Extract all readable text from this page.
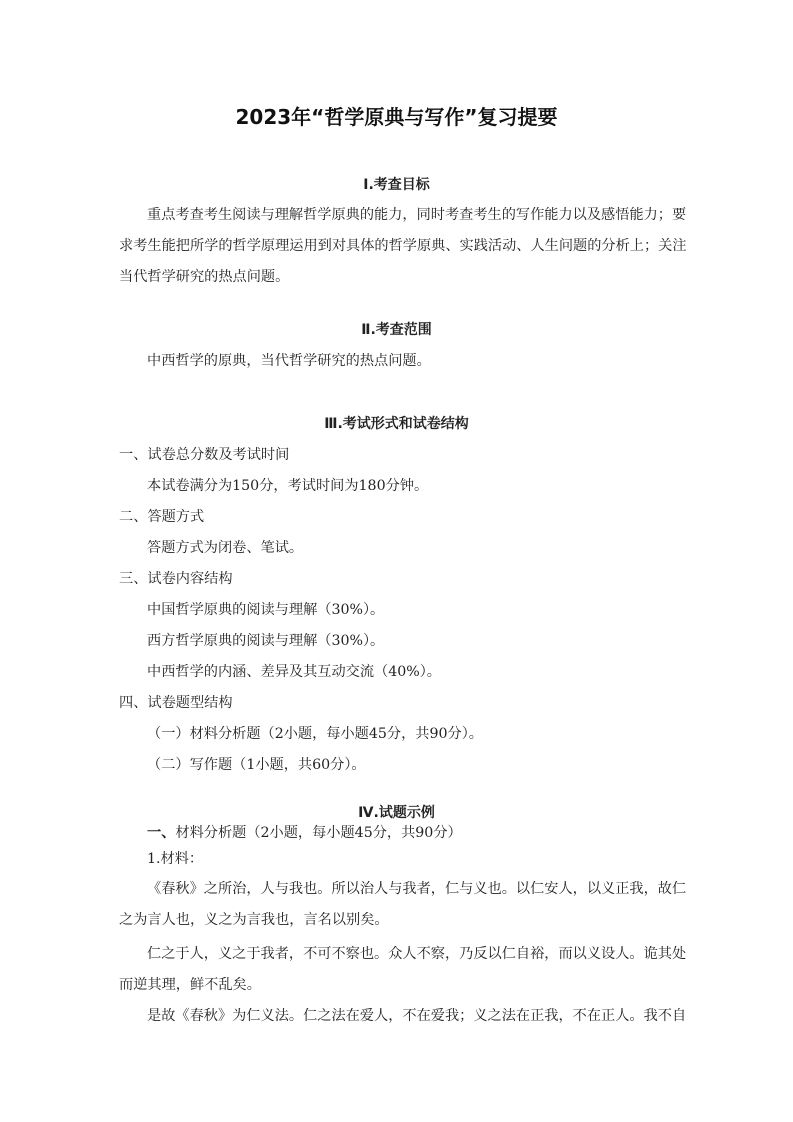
2023年“哲学原典与写作”复习提要
Ⅰ.考查目标
重点考查考生阅读与理解哲学原典的能力，同时考查考生的写作能力以及感悟能力；要
求考生能把所学的哲学原理运用到对具体的哲学原典、实践活动、人生问题的分析上；关注
当代哲学研究的热点问题。
Ⅱ.考查范围
中西哲学的原典，当代哲学研究的热点问题。
Ⅲ.考试形式和试卷结构
一、试卷总分数及考试时间
本试卷满分为150分，考试时间为180分钟。
二、答题方式
答题方式为闭卷、笔试。
三、试卷内容结构
中国哲学原典的阅读与理解（30%）。
西方哲学原典的阅读与理解（30%）。
中西哲学的内涵、差异及其互动交流（40%）。
四、试卷题型结构
（一）材料分析题（2小题，每小题45分，共90分）。
（二）写作题（1小题，共60分）。
Ⅳ.试题示例
一、材料分析题（2小题，每小题45分，共90分）
1.材料：
《春秋》之所治，人与我也。所以治人与我者，仁与义也。以仁安人，以义正我，故仁
之为言人也，义之为言我也，言名以别矣。
仁之于人，义之于我者，不可不察也。众人不察，乃反以仁自裕，而以义设人。诡其处
而逆其理，鲜不乱矣。
是故《春秋》为仁义法。仁之法在爱人，不在爱我；义之法在正我，不在正人。我不自
